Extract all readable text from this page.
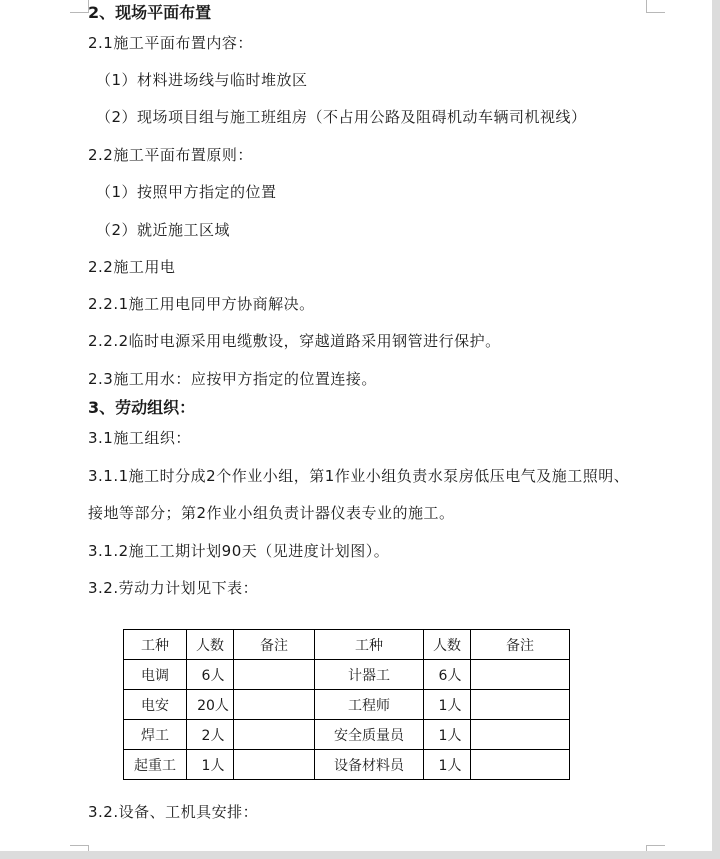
2、现场平面布置
2.1施工平面布置内容：
（1）材料进场线与临时堆放区
（2）现场项目组与施工班组房（不占用公路及阻碍机动车辆司机视线）
2.2施工平面布置原则：
（1）按照甲方指定的位置
（2）就近施工区域
2.2施工用电
2.2.1施工用电同甲方协商解决。
2.2.2临时电源采用电缆敷设，穿越道路采用钢管进行保护。
2.3施工用水：应按甲方指定的位置连接。
3、劳动组织：
3.1施工组织：
3.1.1施工时分成2个作业小组，第1作业小组负责水泵房低压电气及施工照明、
接地等部分；第2作业小组负责计器仪表专业的施工。
3.1.2施工工期计划90天（见进度计划图）。
3.2.劳动力计划见下表：
工种	人数	备注	工种	人数	备注
电调	6人		计器工	6人	
电安	20人		工程师	1人	
焊工	2人		安全质量员	1人	
起重工	1人		设备材料员	1人	
3.2.设备、工机具安排：
